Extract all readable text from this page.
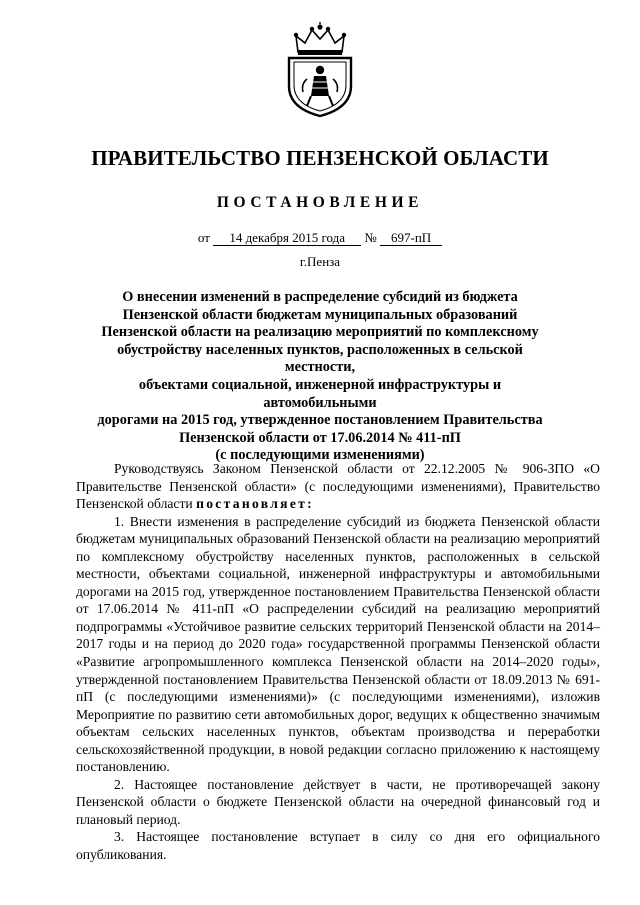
ПРАВИТЕЛЬСТВО ПЕНЗЕНСКОЙ ОБЛАСТИ
ПОСТАНОВЛЕНИЕ
от 14 декабря 2015 года № 697-пП
г.Пенза
О внесении изменений в распределение субсидий из бюджета
Пензенской области бюджетам муниципальных образований
Пензенской области на реализацию мероприятий по комплексному
обустройству населенных пунктов, расположенных в сельской местности,
объектами социальной, инженерной инфраструктуры и автомобильными
дорогами на 2015 год, утвержденное постановлением Правительства
Пензенской области от 17.06.2014 № 411-пП
(с последующими изменениями)

Руководствуясь Законом Пензенской области от 22.12.2005 № 906-ЗПО «О Правительстве Пензенской области» (с последующими изменениями), Правительство Пензенской области постановляет:

1. Внести изменения в распределение субсидий из бюджета Пензенской области бюджетам муниципальных образований Пензенской области на реализацию мероприятий по комплексному обустройству населенных пунктов, расположенных в сельской местности, объектами социальной, инженерной инфраструктуры и автомобильными дорогами на 2015 год, утвержденное постановлением Правительства Пензенской области от 17.06.2014 № 411-пП «О распределении субсидий на реализацию мероприятий подпрограммы «Устойчивое развитие сельских территорий Пензенской области на 2014–2017 годы и на период до 2020 года» государственной программы Пензенской области «Развитие агропромышленного комплекса Пензенской области на 2014–2020 годы», утвержденной постановлением Правительства Пензенской области от 18.09.2013 № 691-пП (с последующими изменениями)» (с последующими изменениями), изложив Мероприятие по развитию сети автомобильных дорог, ведущих к общественно значимым объектам сельских населенных пунктов, объектам производства и переработки сельскохозяйственной продукции, в новой редакции согласно приложению к настоящему постановлению.

2. Настоящее постановление действует в части, не противоречащей закону Пензенской области о бюджете Пензенской области на очередной финансовый год и плановый период.

3. Настоящее постановление вступает в силу со дня его официального опубликования.
